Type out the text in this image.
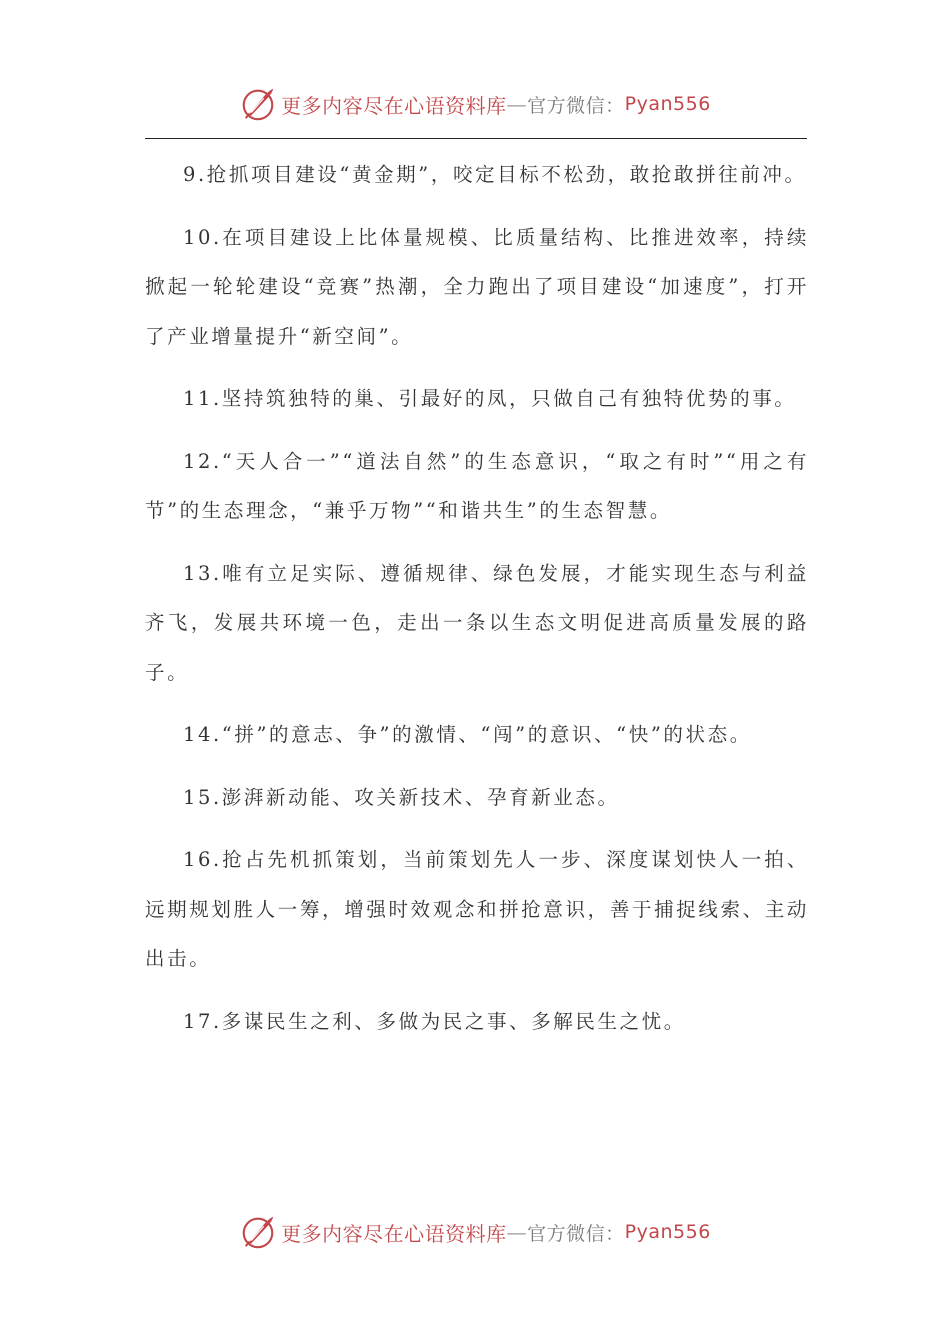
更多内容尽在心语资料库 — 官方微信： Pyan556

9.抢抓项目建设“黄金期”，咬定目标不松劲，敢抢敢拼往前冲。

10.在项目建设上比体量规模、比质量结构、比推进效率，持续掀起一轮轮建设“竞赛”热潮，全力跑出了项目建设“加速度”，打开了产业增量提升“新空间”。

11.坚持筑独特的巢、引最好的凤，只做自己有独特优势的事。

12.“天人合一”“道法自然”的生态意识，“取之有时”“用之有节”的生态理念，“兼乎万物”“和谐共生”的生态智慧。

13.唯有立足实际、遵循规律、绿色发展，才能实现生态与利益齐飞，发展共环境一色，走出一条以生态文明促进高质量发展的路子。

14.“拼”的意志、争”的激情、“闯”的意识、“快”的状态。

15.澎湃新动能、攻关新技术、孕育新业态。

16.抢占先机抓策划，当前策划先人一步、深度谋划快人一拍、远期规划胜人一筹，增强时效观念和拼抢意识，善于捕捉线索、主动出击。

17.多谋民生之利、多做为民之事、多解民生之忧。

更多内容尽在心语资料库 — 官方微信： Pyan556
